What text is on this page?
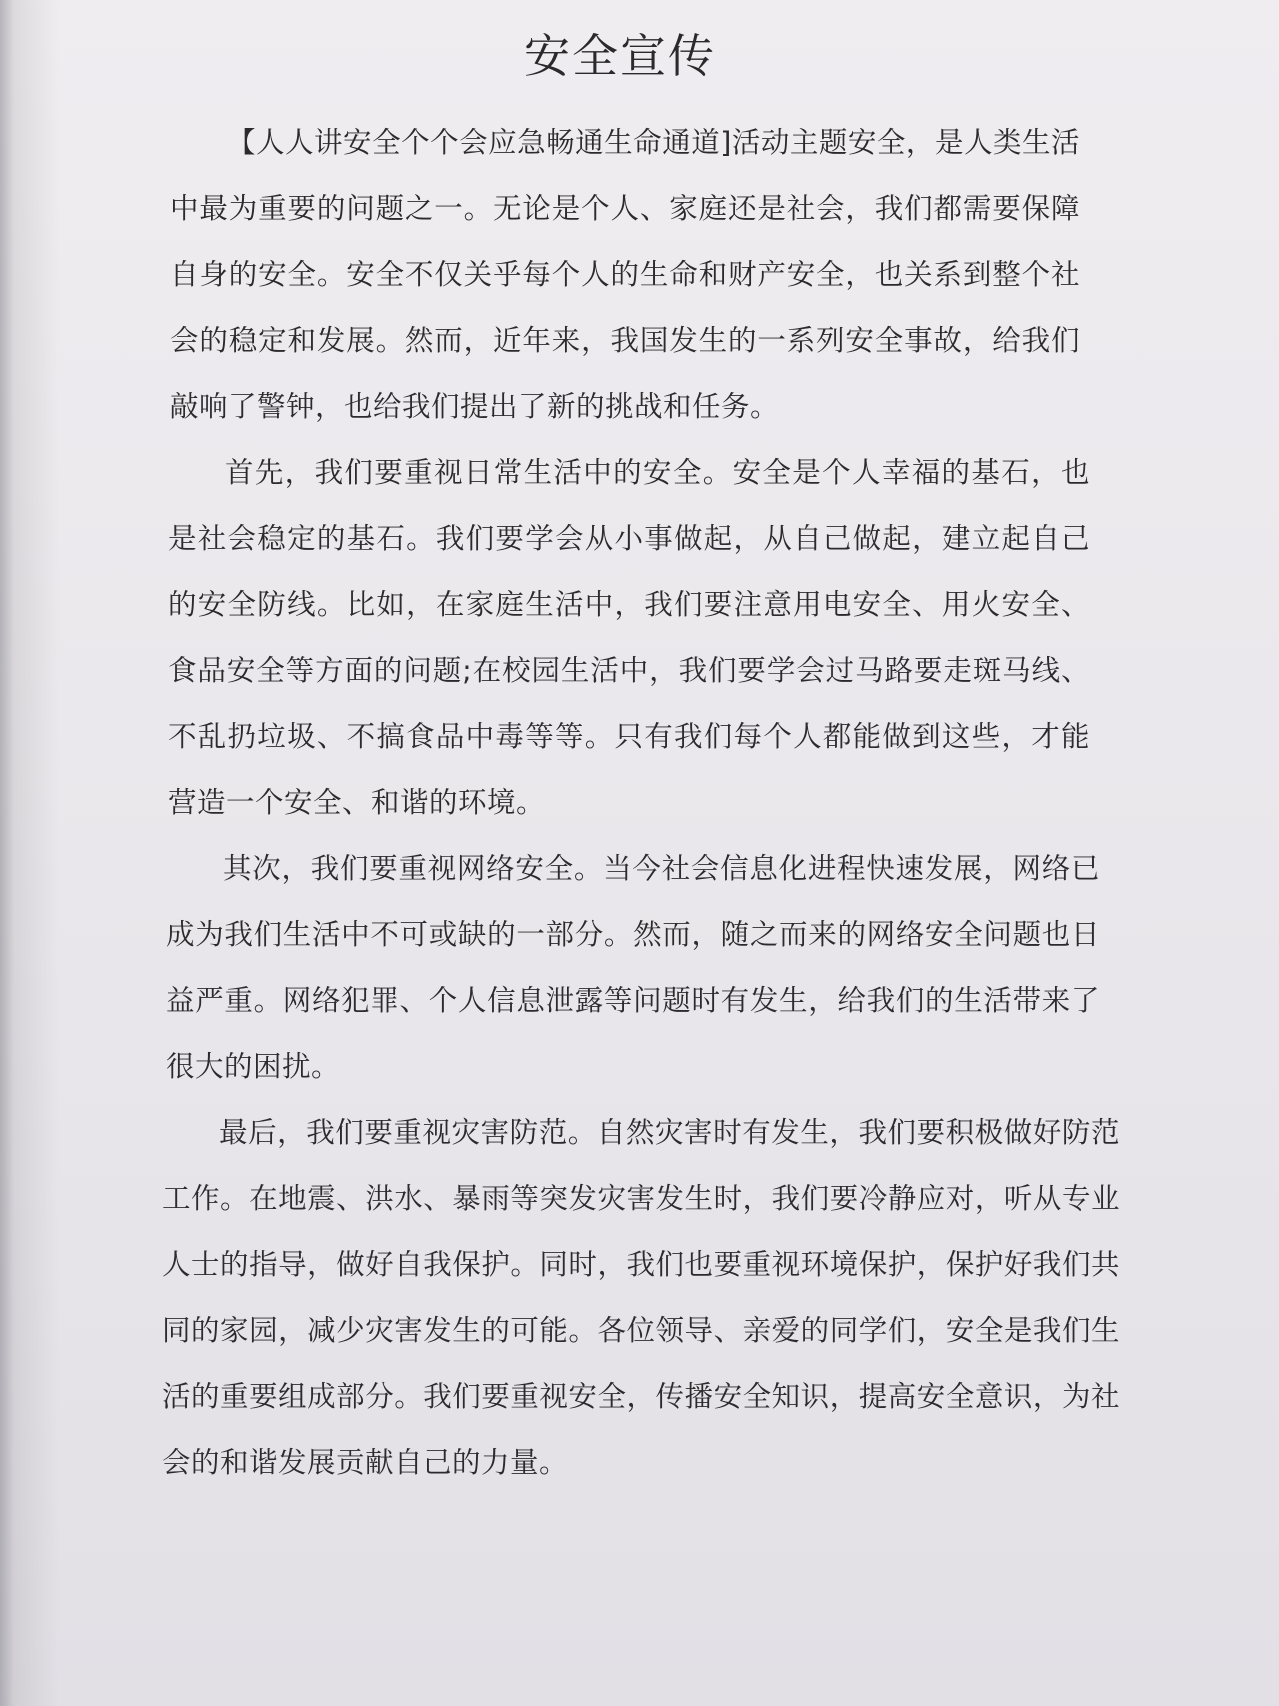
安全宣传

【人人讲安全个个会应急畅通生命通道]活动主题安全，是人类生活中最为重要的问题之一。无论是个人、家庭还是社会，我们都需要保障自身的安全。安全不仅关乎每个人的生命和财产安全，也关系到整个社会的稳定和发展。然而，近年来，我国发生的一系列安全事故，给我们敲响了警钟，也给我们提出了新的挑战和任务。

首先，我们要重视日常生活中的安全。安全是个人幸福的基石，也是社会稳定的基石。我们要学会从小事做起，从自己做起，建立起自己的安全防线。比如，在家庭生活中，我们要注意用电安全、用火安全、食品安全等方面的问题;在校园生活中，我们要学会过马路要走斑马线、不乱扔垃圾、不搞食品中毒等等。只有我们每个人都能做到这些，才能营造一个安全、和谐的环境。

其次，我们要重视网络安全。当今社会信息化进程快速发展，网络已成为我们生活中不可或缺的一部分。然而，随之而来的网络安全问题也日益严重。网络犯罪、个人信息泄露等问题时有发生，给我们的生活带来了很大的困扰。

最后，我们要重视灾害防范。自然灾害时有发生，我们要积极做好防范工作。在地震、洪水、暴雨等突发灾害发生时，我们要冷静应对，听从专业人士的指导，做好自我保护。同时，我们也要重视环境保护，保护好我们共同的家园，减少灾害发生的可能。各位领导、亲爱的同学们，安全是我们生活的重要组成部分。我们要重视安全，传播安全知识，提高安全意识，为社会的和谐发展贡献自己的力量。
